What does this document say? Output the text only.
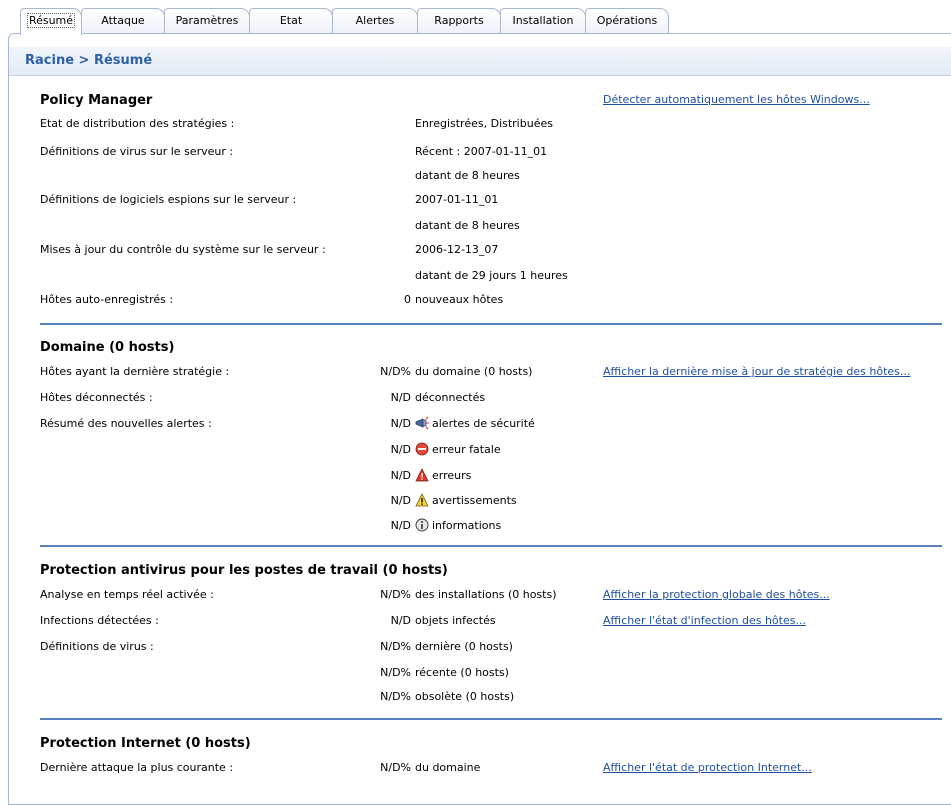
Résumé	Attaque	Paramètres	Etat	Alertes	Rapports	Installation	Opérations
Racine > Résumé
Policy Manager	Détecter automatiquement les hôtes Windows...
Etat de distribution des stratégies :	Enregistrées, Distribuées
Définitions de virus sur le serveur :	Récent : 2007-01-11_01
datant de 8 heures
Définitions de logiciels espions sur le serveur :	2007-01-11_01
datant de 8 heures
Mises à jour du contrôle du système sur le serveur :	2006-12-13_07
datant de 29 jours 1 heures
Hôtes auto-enregistrés :	0 nouveaux hôtes
Domaine (0 hosts)
Hôtes ayant la dernière stratégie :	N/D% du domaine (0 hosts)	Afficher la dernière mise à jour de stratégie des hôtes...
Hôtes déconnectés :	N/D déconnectés
Résumé des nouvelles alertes :	N/D alertes de sécurité
N/D erreur fatale
N/D erreurs
N/D avertissements
N/D informations
Protection antivirus pour les postes de travail (0 hosts)
Analyse en temps réel activée :	N/D% des installations (0 hosts)	Afficher la protection globale des hôtes...
Infections détectées :	N/D objets infectés	Afficher l'état d'infection des hôtes...
Définitions de virus :	N/D% dernière (0 hosts)
N/D% récente (0 hosts)
N/D% obsolète (0 hosts)
Protection Internet (0 hosts)
Dernière attaque la plus courante :	N/D% du domaine	Afficher l'état de protection Internet...
